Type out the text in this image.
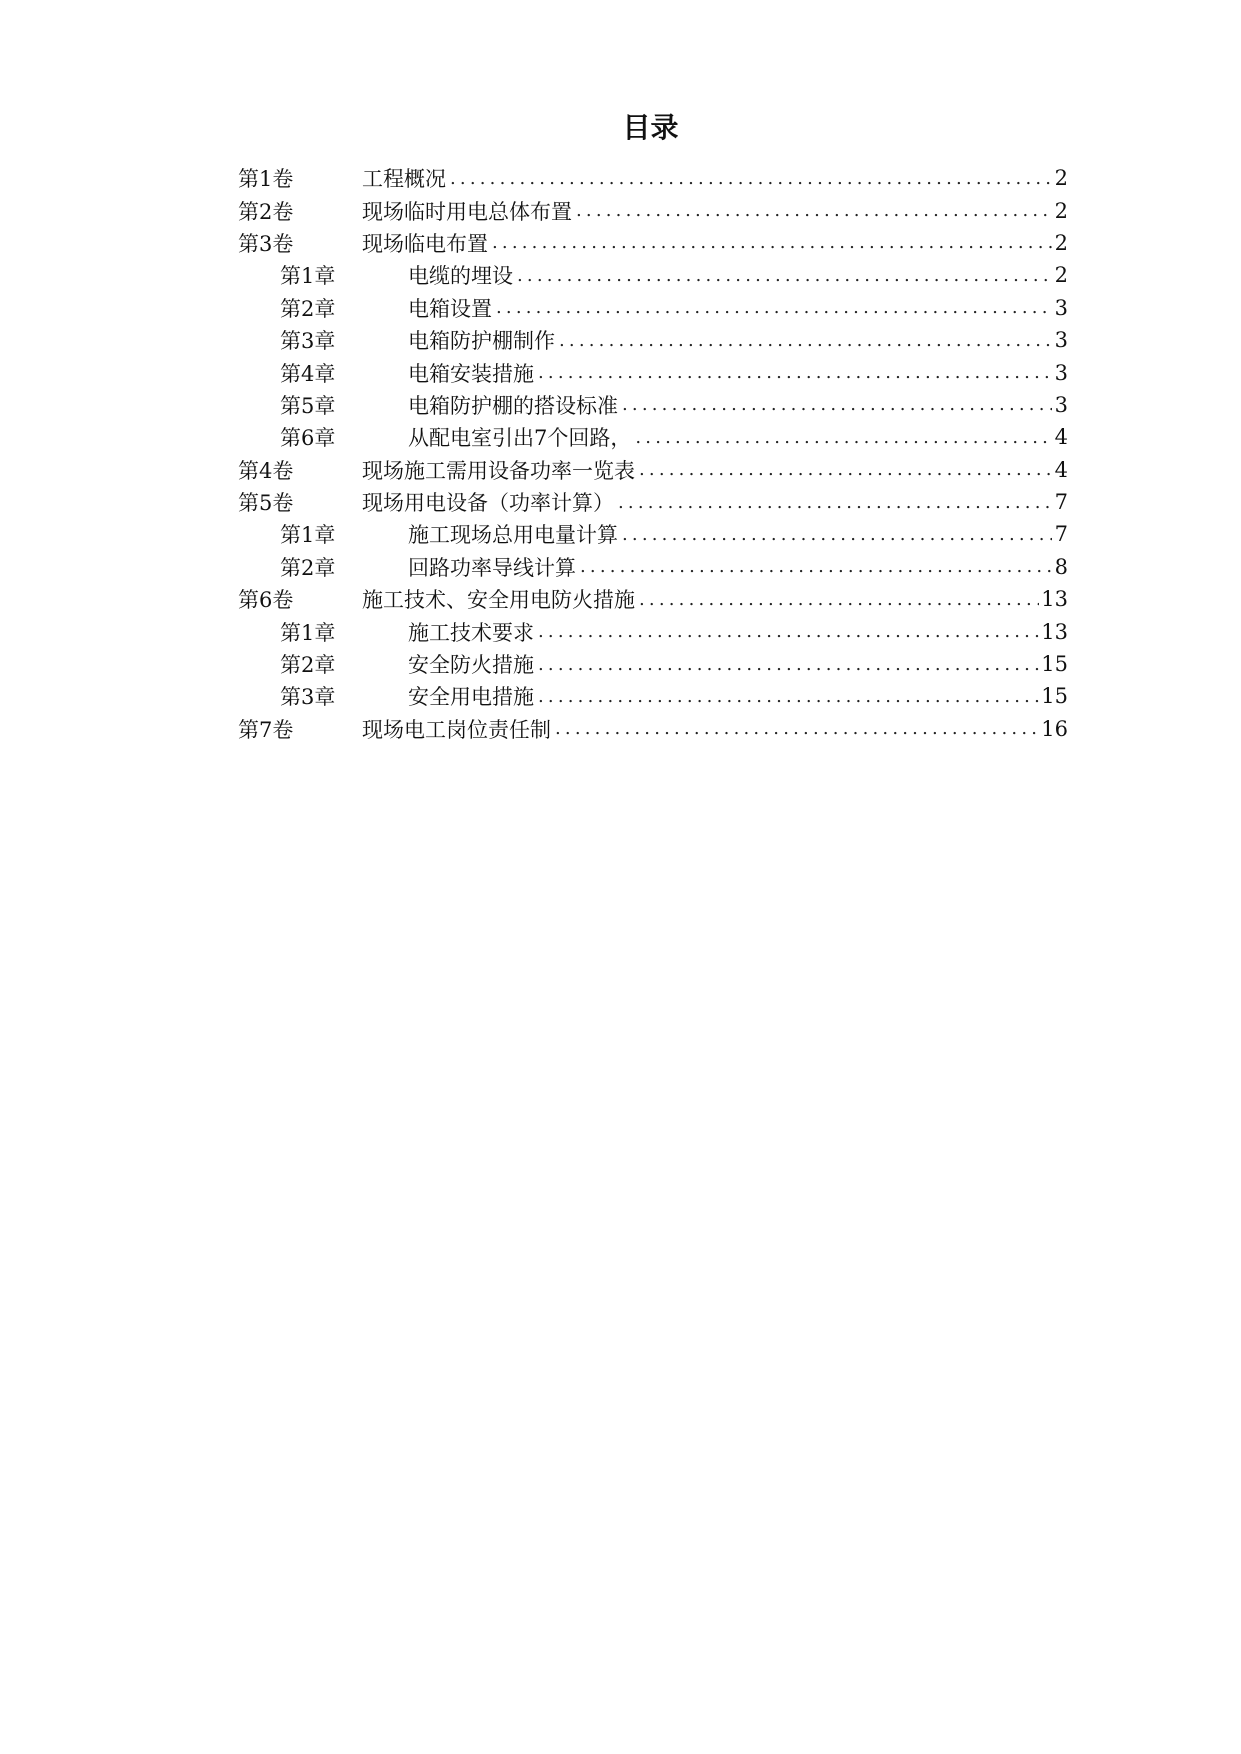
目录
第1卷	工程概况 .....	2
第2卷	现场临时用电总体布置 .....	2
第3卷	现场临电布置 .....	2
第1章	电缆的埋设 .....	2
第2章	电箱设置 .....	3
第3章	电箱防护棚制作 .....	3
第4章	电箱安装措施 .....	3
第5章	电箱防护棚的搭设标准 .....	3
第6章	从配电室引出7个回路， .....	4
第4卷	现场施工需用设备功率一览表 .....	4
第5卷	现场用电设备（功率计算） .....	7
第1章	施工现场总用电量计算 .....	7
第2章	回路功率导线计算 .....	8
第6卷	施工技术、安全用电防火措施 .....	13
第1章	施工技术要求 .....	13
第2章	安全防火措施 .....	15
第3章	安全用电措施 .....	15
第7卷	现场电工岗位责任制 .....	16
